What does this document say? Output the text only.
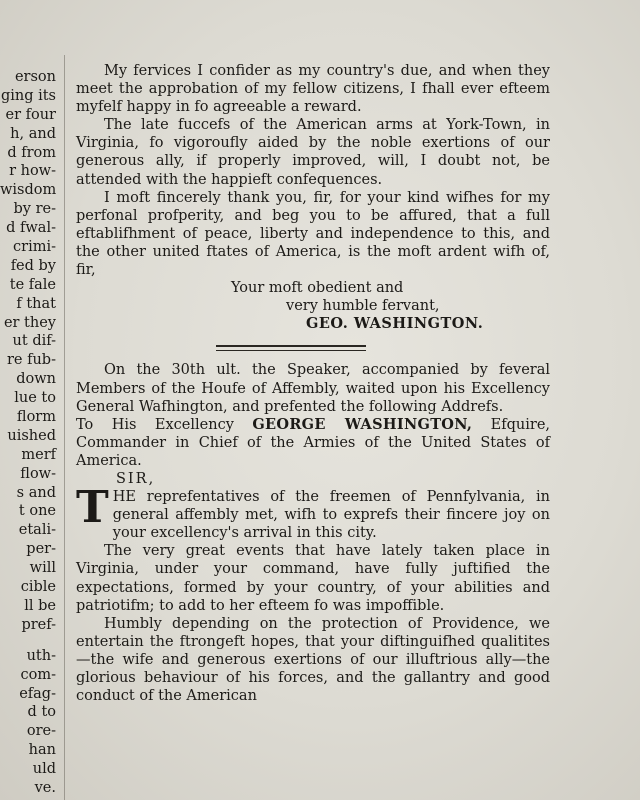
erson
ging its
er four
h, and
d from
r how-
wisdom
by re-
d fwal-
crimi-
fed by
te fale
f that
er they
ut dif-
re fub-
down
lue to
florm
uished
merf
flow-
s and
t one
etali-
per-
will
cible
ll be
pref-
uth-
com-
efag-
d to
ore-
han
uld
ve.

My fervices I confider as my country's due, and when they meet the approbation of my fellow citizens, I fhall ever efteem myfelf happy in fo agreeable a reward.

The late fuccefs of the American arms at York-Town, in Virginia, fo vigoroufly aided by the noble exertions of our generous ally, if properly improved, will, I doubt not, be attended with the happieft confequences.

I moft fincerely thank you, fir, for your kind wifhes for my perfonal profperity, and beg you to be affured, that a full eftablifhment of peace, liberty and independence to this, and the other united ftates of America, is the moft ardent wifh of, fir,

Your moft obedient and
very humble fervant,
GEO. WASHINGTON.

On the 30th ult. the Speaker, accompanied by feveral Members of the Houfe of Affembly, waited upon his Excellency General Wafhington, and prefented the following Addrefs.

To His Excellency GEORGE WASHINGTON, Efquire, Commander in Chief of the Armies of the United States of America.

SIR,

T HE reprefentatives of the freemen of Pennfylvania, in general affembly met, wifh to exprefs their fincere joy on your excellency's arrival in this city.

The very great events that have lately taken place in Virginia, under your command, have fully juftified the expectations, formed by your country, of your abilities and patriotifm; to add to her efteem fo was impoffible.

Humbly depending on the protection of Providence, we entertain the ftrongeft hopes, that your diftinguifhed qualitites—the wife and generous exertions of our illuftrious ally—the glorious behaviour of his forces, and the gallantry and good conduct of the American
